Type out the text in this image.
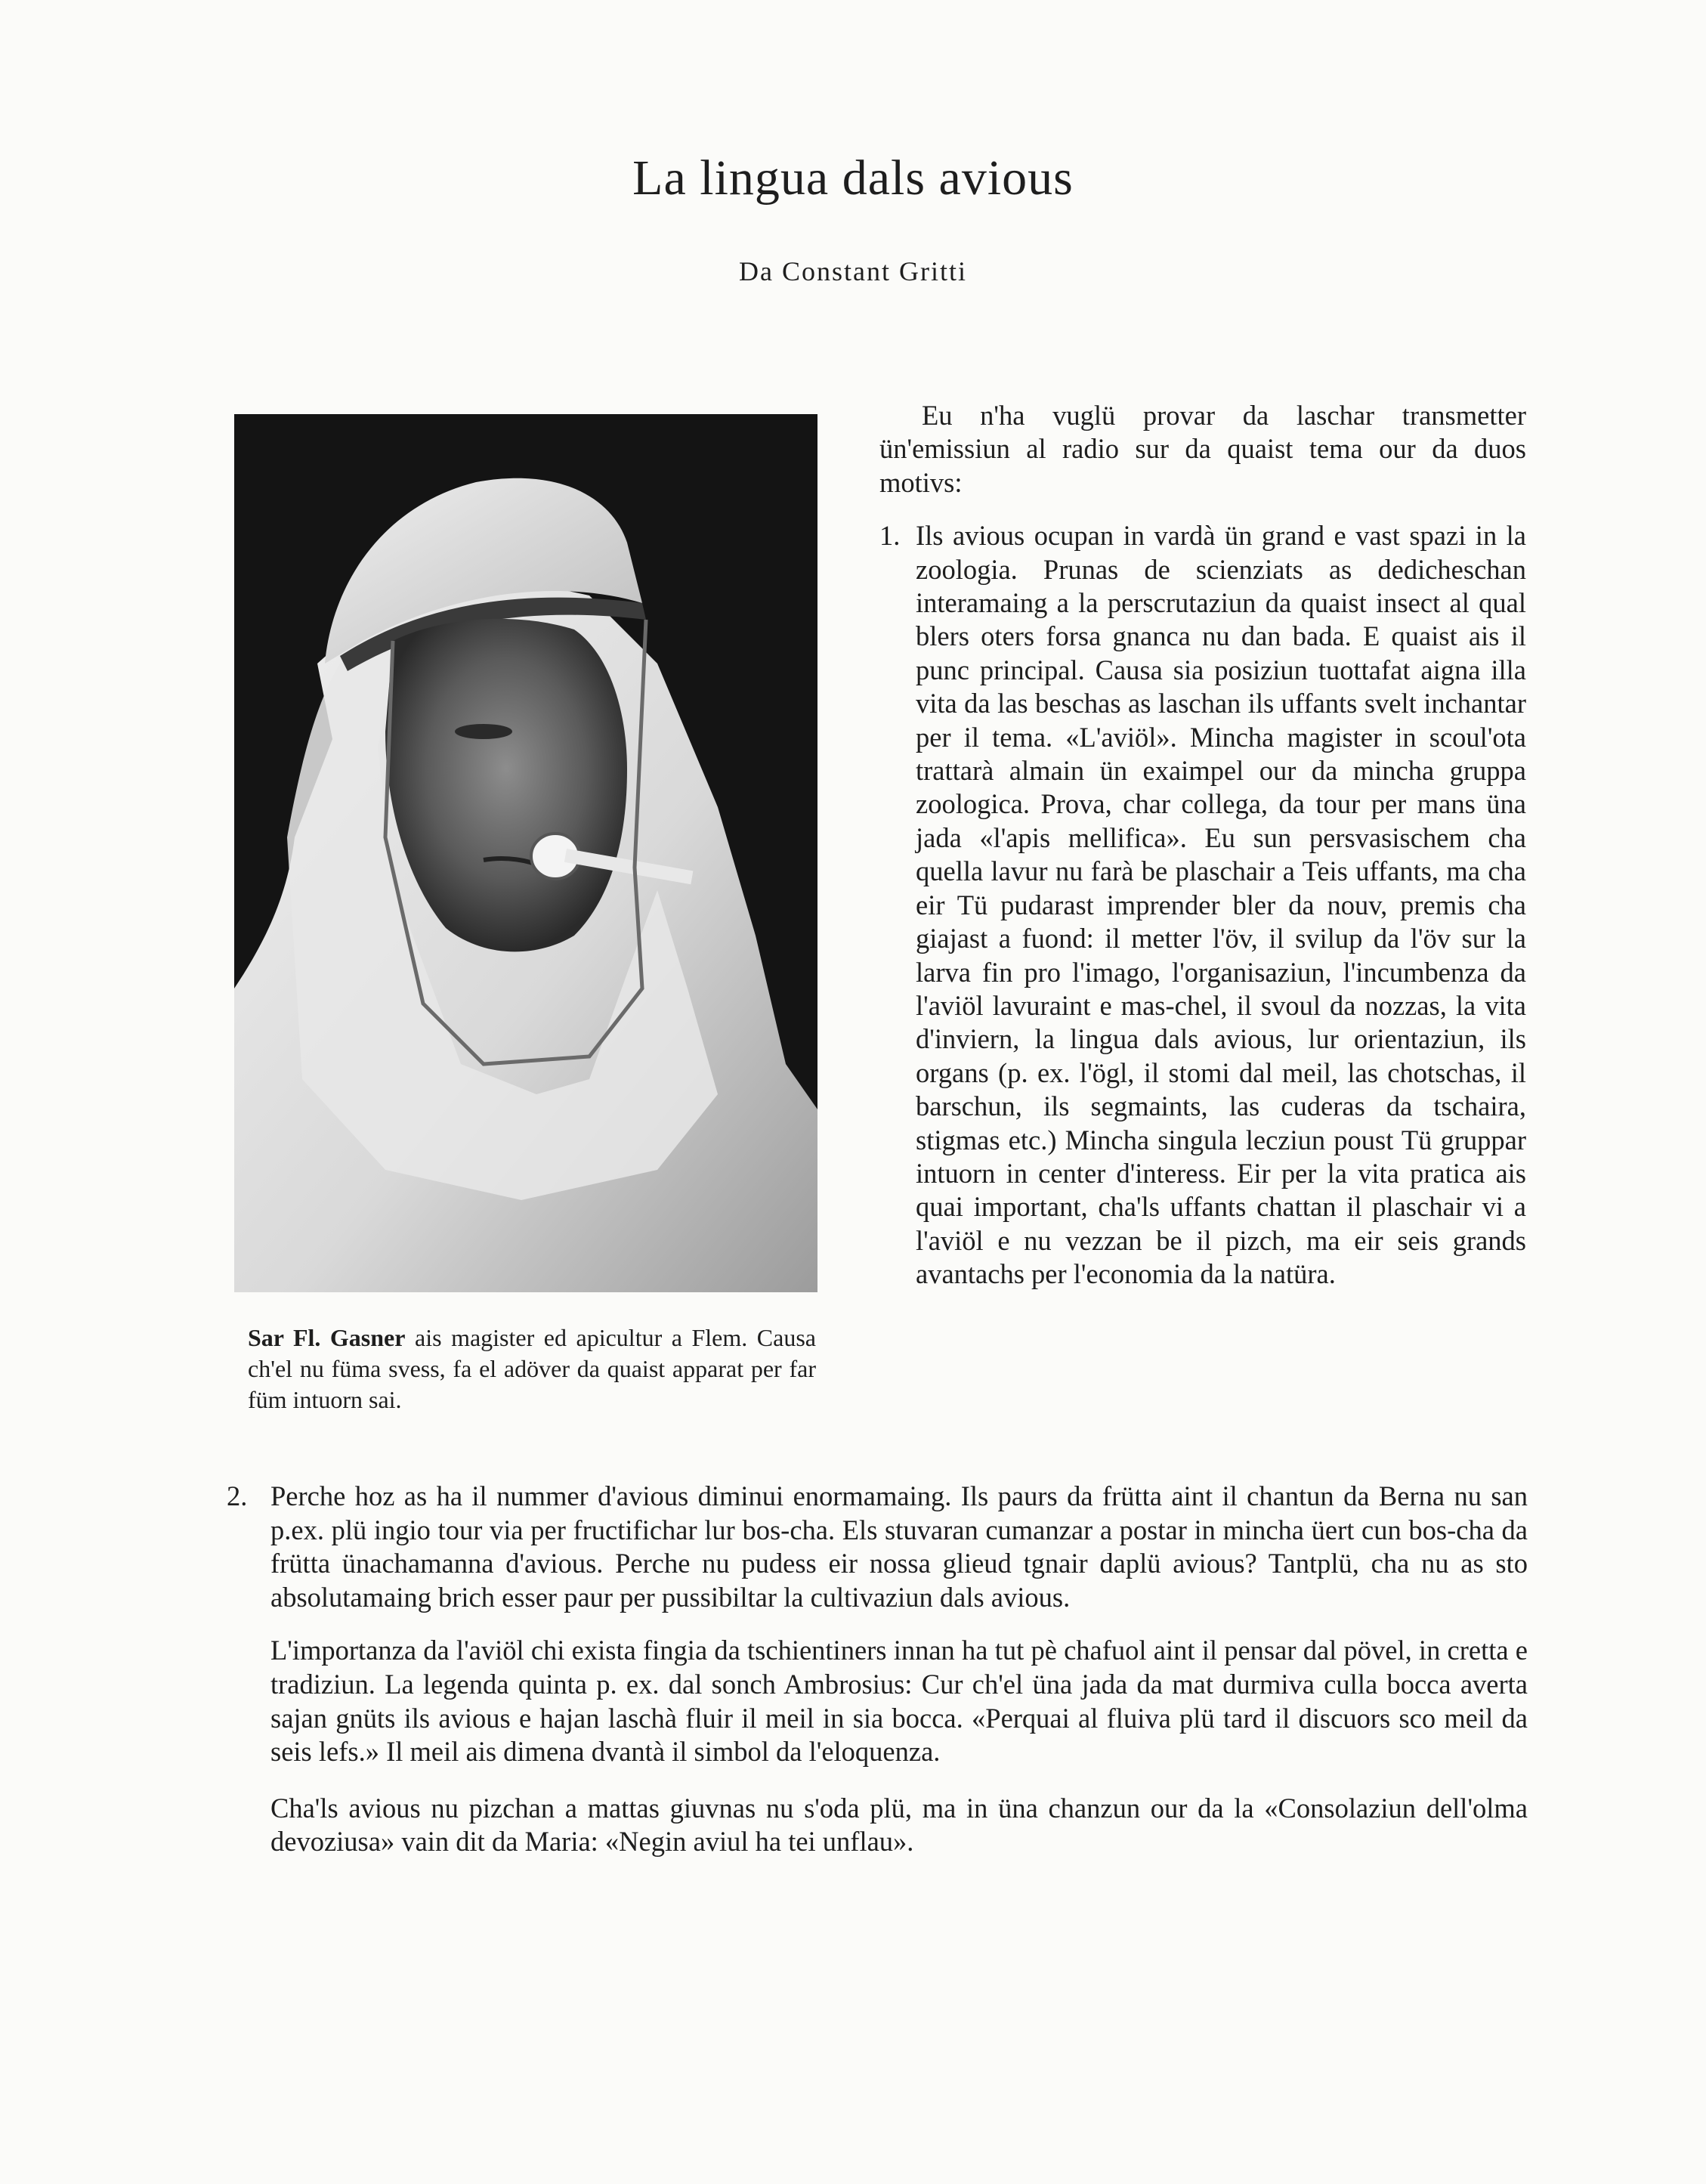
La lingua dals avious
Da Constant Gritti
Sar Fl. Gasner ais magister ed apicultur a Flem. Causa ch'el nu füma svess, fa el adöver da quaist apparat per far füm intuorn sai.

Eu n'ha vuglü provar da laschar transmetter ün'emissiun al radio sur da quaist tema our da duos motivs:

1. Ils avious ocupan in vardà ün grand e vast spazi in la zoologia. Prunas de scienziats as dedicheschan interamaing a la perscrutaziun da quaist insect al qual blers oters forsa gnanca nu dan bada. E quaist ais il punc principal. Causa sia posiziun tuottafat aigna illa vita da las beschas as laschan ils uffants svelt inchantar per il tema. «L'aviöl». Mincha magister in scoul'ota trattarà almain ün exaimpel our da mincha gruppa zoologica. Prova, char collega, da tour per mans üna jada «l'apis mellifica». Eu sun persvasischem cha quella lavur nu farà be plaschair a Teis uffants, ma cha eir Tü pudarast imprender bler da nouv, premis cha giajast a fuond: il metter l'öv, il svilup da l'öv sur la larva fin pro l'imago, l'organisaziun, l'incumbenza da l'aviöl lavuraint e mas-chel, il svoul da nozzas, la vita d'inviern, la lingua dals avious, lur orientaziun, ils organs (p. ex. l'ögl, il stomi dal meil, las chotschas, il barschun, ils segmaints, las cuderas da tschaira, stigmas etc.) Mincha singula lecziun poust Tü gruppar intuorn in center d'interess. Eir per la vita pratica ais quai important, cha'ls uffants chattan il plaschair vi a l'aviöl e nu vezzan be il pizch, ma eir seis grands avantachs per l'economia da la natüra.

2. Perche hoz as ha il nummer d'avious diminui enormamaing. Ils paurs da frütta aint il chantun da Berna nu san p.ex. plü ingio tour via per fructifichar lur bos-cha. Els stuvaran cumanzar a postar in mincha üert cun bos-cha da frütta ünachamanna d'avious. Perche nu pudess eir nossa glieud tgnair daplü avious? Tantplü, cha nu as sto absolutamaing brich esser paur per pussibiltar la cultivaziun dals avious.

L'importanza da l'aviöl chi exista fingia da tschientiners innan ha tut pè chafuol aint il pensar dal pövel, in cretta e tradiziun. La legenda quinta p. ex. dal sonch Ambrosius: Cur ch'el üna jada da mat durmiva culla bocca averta sajan gnüts ils avious e hajan laschà fluir il meil in sia bocca. «Perquai al fluiva plü tard il discuors sco meil da seis lefs.» Il meil ais dimena dvantà il simbol da l'eloquenza.

Cha'ls avious nu pizchan a mattas giuvnas nu s'oda plü, ma in üna chanzun our da la «Consolaziun dell'olma devoziusa» vain dit da Maria: «Negin aviul ha tei unflau».
